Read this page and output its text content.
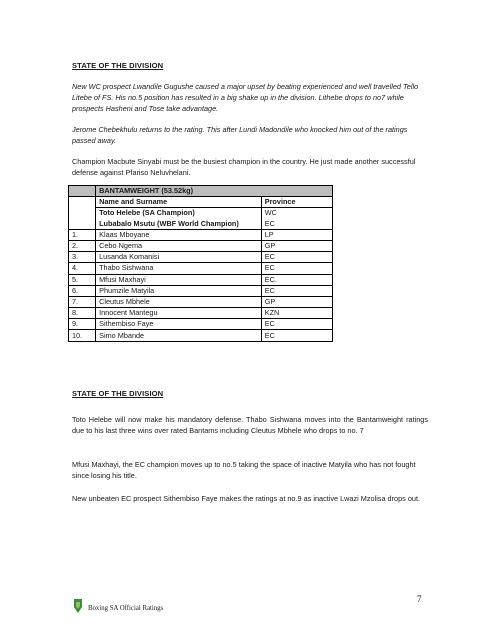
STATE OF THE DIVISION
New WC prospect Lwandile Gugushe caused a major upset by beating experienced and well travelled Tello Litebe of FS. His no.5 position has resulted in a big shake up in the division. Lithebe drops to no7 while prospects Hasheni and Tose take advantage.
Jerome Chebekhulu returns to the rating. This after Lundi Madondile who knocked him out of the ratings passed away.
Champion Macbute Sinyabi must be the busiest champion in the country. He just made another successful defense against Pfariso Neluvhelani.
	BANTAMWEIGHT (53.52kg)	
	Name and Surname	Province
	Toto Helebe (SA Champion)	WC
	Lubabalo Msutu (WBF World Champion)	EC
1.	Klaas Mboyane	LP
2.	Cebo Ngema	GP
3.	Lusanda Komanisi	EC
4.	Thabo Sishwana	EC
5.	Mfusi Maxhayi	EC.
6.	Phumzile Matyila	EC
7.	Cleutus Mbhele	GP
8.	Innocent Mantegu	KZN
9.	Sithembiso Faye	EC
10.	Simo Mbande	EC
STATE OF THE DIVISION
Toto Helebe will now make his mandatory defense. Thabo Sishwana moves into the Bantamweight ratings due to his last three wins over rated Bantams including Cleutus Mbhele who drops to no. 7
Mfusi Maxhayi, the EC champion moves up to no.5 taking the space of inactive Matyila who has not fought since losing his title.
New unbeaten EC prospect Sithembiso Faye makes the ratings at no.9 as inactive Lwazi Mzolisa drops out.
Boxing SA Official Ratings
7
